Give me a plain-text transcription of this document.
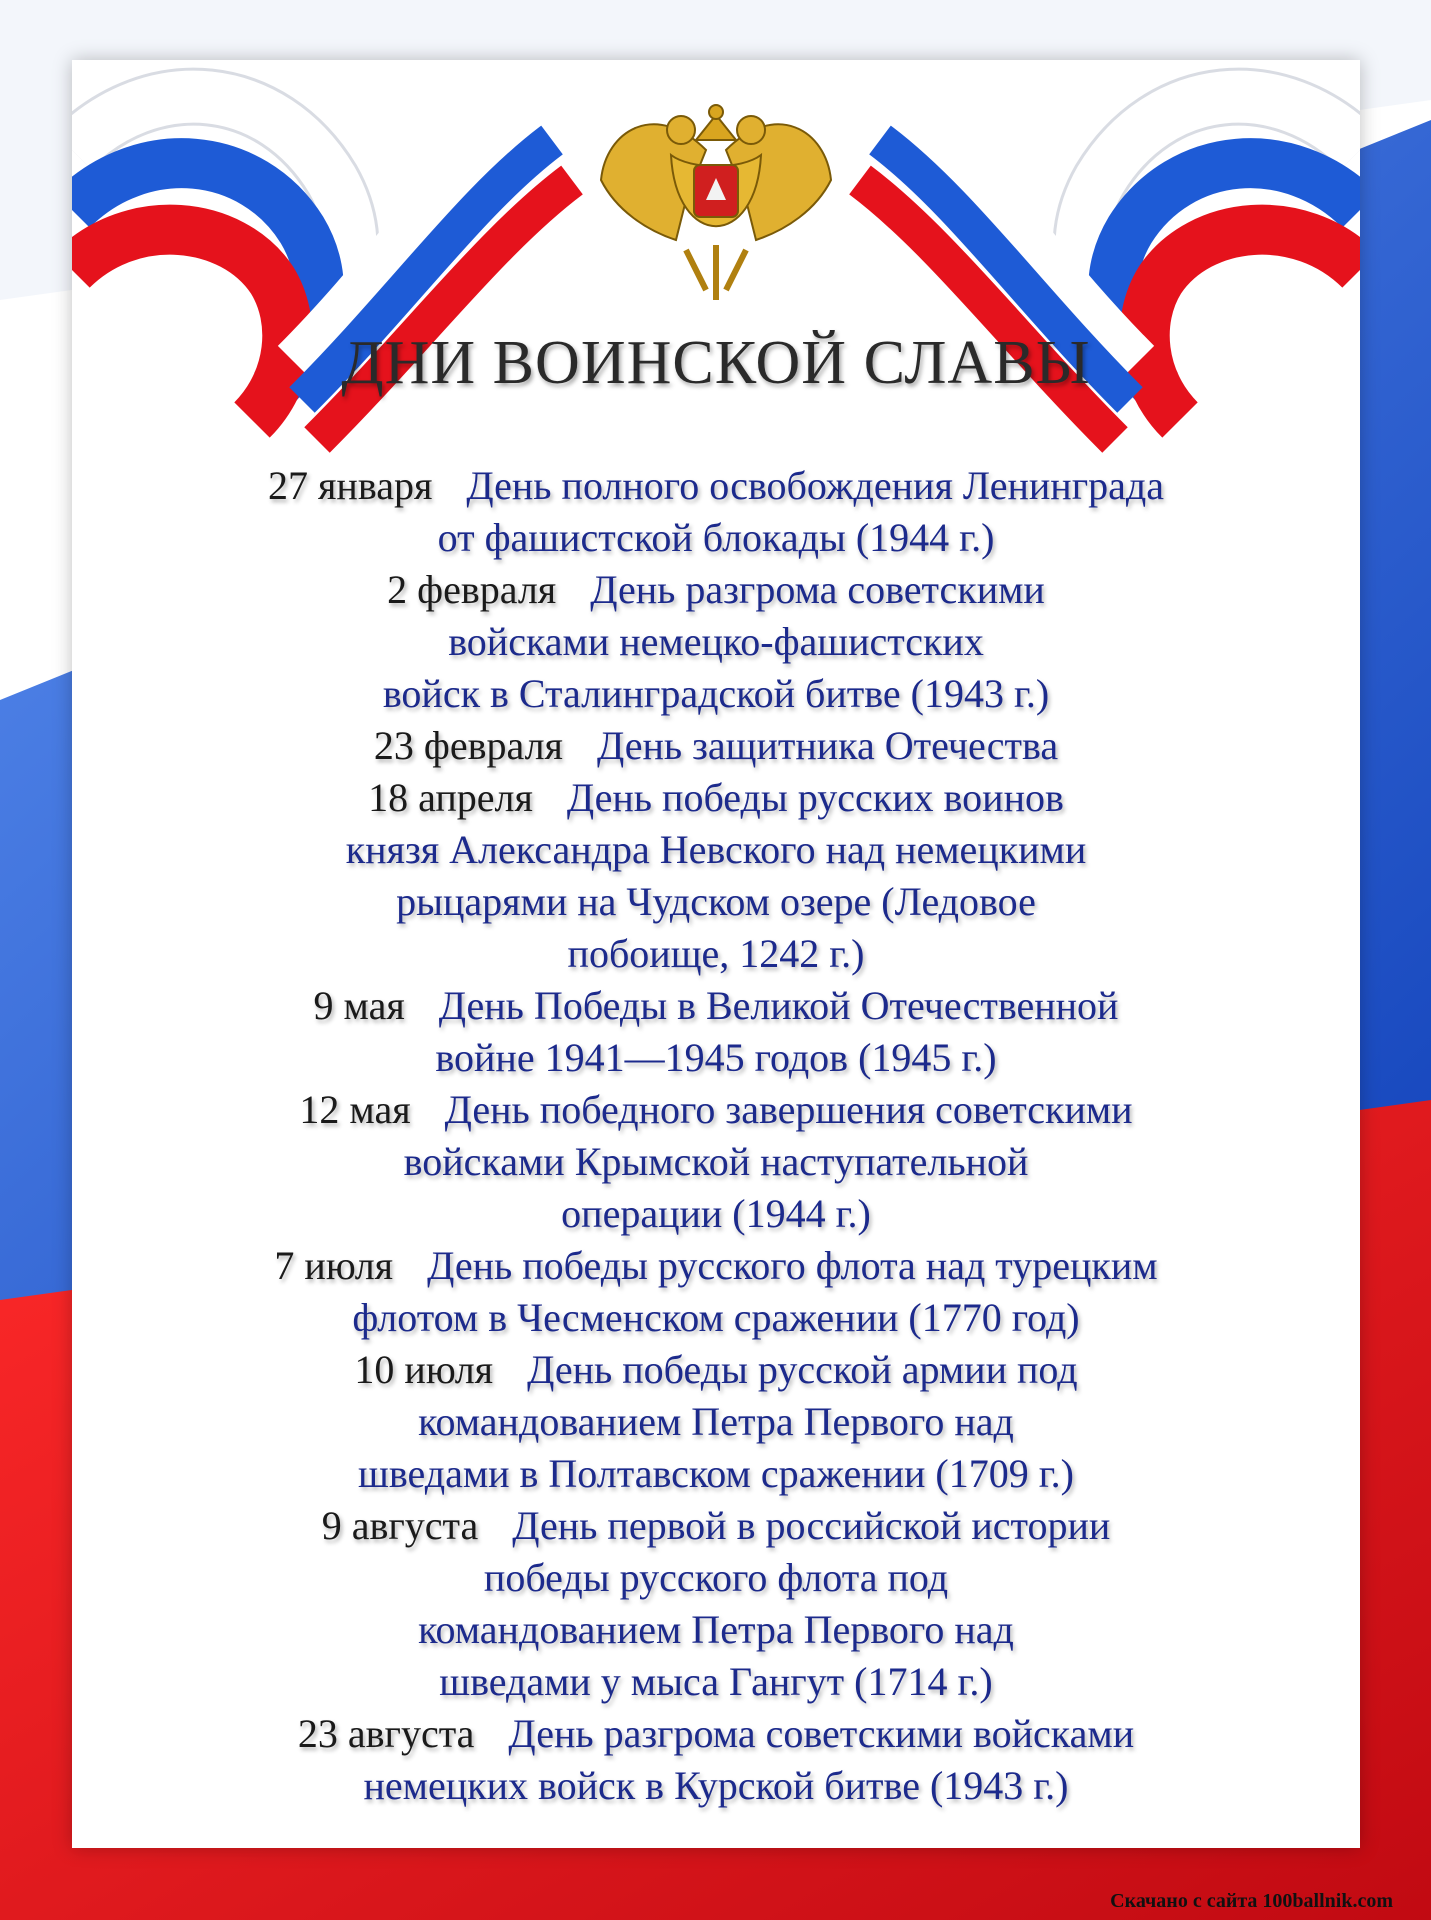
ДНИ ВОИНСКОЙ СЛАВЫ

27 января День полного освобождения Ленинграда
от фашистской блокады (1944 г.)

2 февраля День разгрома советскими
войсками немецко-фашистских
войск в Сталинградской битве (1943 г.)

23 февраля День защитника Отечества

18 апреля День победы русских воинов
князя Александра Невского над немецкими
рыцарями на Чудском озере (Ледовое
побоище, 1242 г.)

9 мая День Победы в Великой Отечественной
войне 1941—1945 годов (1945 г.)

12 мая День победного завершения советскими
войсками Крымской наступательной
операции (1944 г.)

7 июля День победы русского флота над турецким
флотом в Чесменском сражении (1770 год)

10 июля День победы русской армии под
командованием Петра Первого над
шведами в Полтавском сражении (1709 г.)

9 августа День первой в российской истории
победы русского флота под
командованием Петра Первого над
шведами у мыса Гангут (1714 г.)

23 августа День разгрома советскими войсками
немецких войск в Курской битве (1943 г.)

Скачано с сайта 100ballnik.com
